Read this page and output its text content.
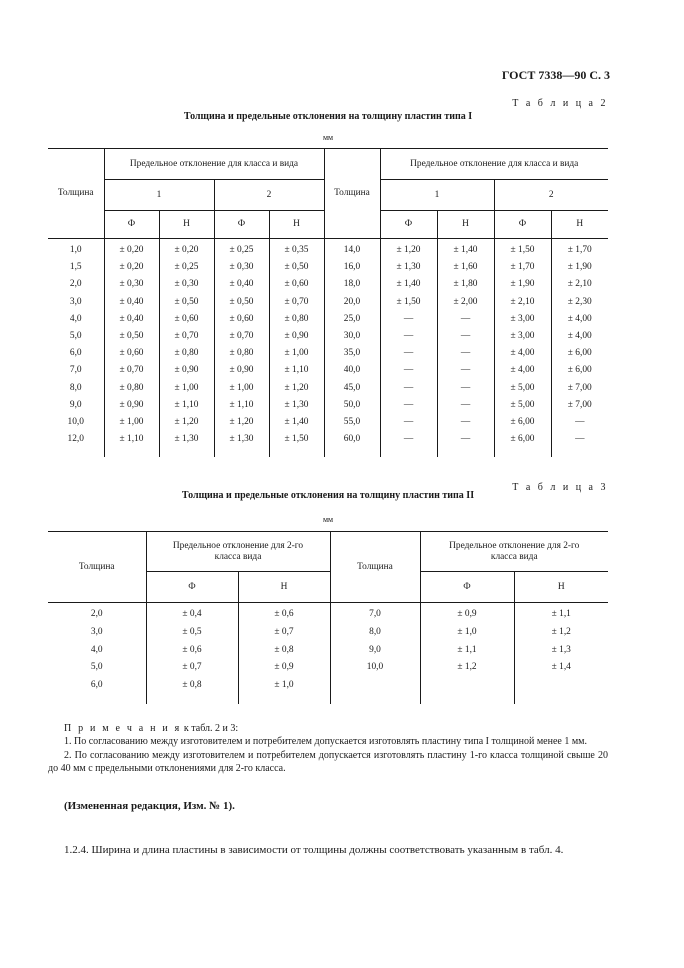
ГОСТ 7338—90 С. 3
Т а б л и ц а 2
Толщина и предельные отклонения на толщину пластин типа I
мм
Толщина	Предельное отклонение для класса и вида				Толщина	Предельное отклонение для класса и вида			
	1		2			1		2	
	Ф	Н	Ф	Н		Ф	Н	Ф	Н

1,0	± 0,20	± 0,20	± 0,25	± 0,35	14,0	± 1,20	± 1,40	± 1,50	± 1,70
1,5	± 0,20	± 0,25	± 0,30	± 0,50	16,0	± 1,30	± 1,60	± 1,70	± 1,90
2,0	± 0,30	± 0,30	± 0,40	± 0,60	18,0	± 1,40	± 1,80	± 1,90	± 2,10
3,0	± 0,40	± 0,50	± 0,50	± 0,70	20,0	± 1,50	± 2,00	± 2,10	± 2,30
4,0	± 0,40	± 0,60	± 0,60	± 0,80	25,0	—	—	± 3,00	± 4,00
5,0	± 0,50	± 0,70	± 0,70	± 0,90	30,0	—	—	± 3,00	± 4,00
6,0	± 0,60	± 0,80	± 0,80	± 1,00	35,0	—	—	± 4,00	± 6,00
7,0	± 0,70	± 0,90	± 0,90	± 1,10	40,0	—	—	± 4,00	± 6,00
8,0	± 0,80	± 1,00	± 1,00	± 1,20	45,0	—	—	± 5,00	± 7,00
9,0	± 0,90	± 1,10	± 1,10	± 1,30	50,0	—	—	± 5,00	± 7,00
10,0	± 1,00	± 1,20	± 1,20	± 1,40	55,0	—	—	± 6,00	—
12,0	± 1,10	± 1,30	± 1,30	± 1,50	60,0	—	—	± 6,00	—

Т а б л и ц а 3
Толщина и предельные отклонения на толщину пластин типа II
мм
Толщина	Предельное отклонение для 2-го класса вида		Толщина	Предельное отклонение для 2-го класса вида	
	Ф	Н		Ф	Н

2,0	± 0,4	± 0,6	7,0	± 0,9	± 1,1
3,0	± 0,5	± 0,7	8,0	± 1,0	± 1,2
4,0	± 0,6	± 0,8	9,0	± 1,1	± 1,3
5,0	± 0,7	± 0,9	10,0	± 1,2	± 1,4
6,0	± 0,8	± 1,0			

П р и м е ч а н и я к табл. 2 и 3:
1. По согласованию между изготовителем и потребителем допускается изготовлять пластину типа I толщиной менее 1 мм.
2. По согласованию между изготовителем и потребителем допускается изготовлять пластину 1-го класса толщиной свыше 20 до 40 мм с предельными отклонениями для 2-го класса.
(Измененная редакция, Изм. № 1).
1.2.4. Ширина и длина пластины в зависимости от толщины должны соответствовать указанным в табл. 4.
